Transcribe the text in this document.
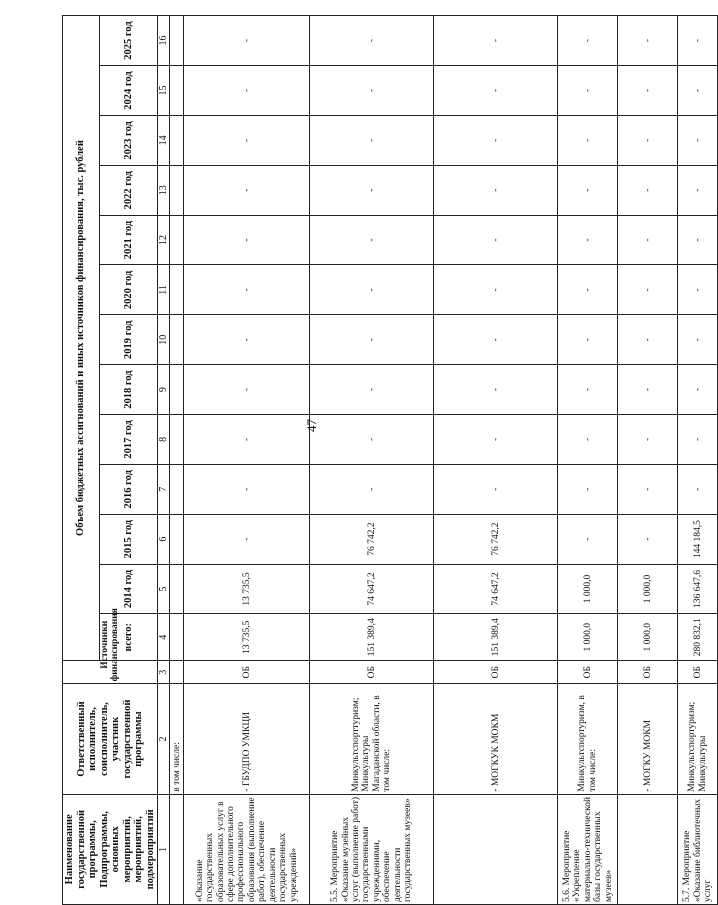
47
Наименование государственной программы, Подпрограммы, основных мероприятий, мероприятий, подмероприятий	Ответственный исполнитель, соисполнитель, участник государственной программы	Источники финансирования	Объем бюджетных ассигнований и иных источников финансирования, тыс. рублей												
			всего:	2014 год	2015 год	2016 год	2017 год	2018 год	2019 год	2020 год	2021 год	2022 год	2023 год	2024 год	2025 год
1	2	3	4	5	6	7	8	9	10	11	12	13	14	15	16
	в том числе:														
«Оказание государственных образовательных услуг в сфере дополнительного профессионального образования (выполнение работ), обеспечение деятельности государственных учреждений»	- ГБУДПО УМКЦИ	ОБ	13 735,5	13 735,5	-	-	-	-	-	-	-	-	-	-	-
5.5. Мероприятие «Оказание музейных услуг (выполнение работ) государственными учреждениями, обеспечение деятельности государственных музеев»	Минкультспорттуризм; Минкультуры Магаданской области, в том числе:	ОБ	151 389,4	74 647,2	76 742,2	-	-	-	-	-	-	-	-	-	-
	- МОГКУК МОКМ	ОБ	151 389,4	74 647,2	76 742,2	-	-	-	-	-	-	-	-	-	-
5.6. Мероприятие «Укрепление материально-технической базы государственных музеев»	Минкультспортуризм, в том числе:	ОБ	1 000,0	1 000,0	-	-	-	-	-	-	-	-	-	-	-
	- МОГКУ МОКМ	ОБ	1 000,0	1 000,0	-	-	-	-	-	-	-	-	-	-	-
5.7. Мероприятие «Оказание библиотечных услуг	Минкультспортуризм; Минкультуры	ОБ	280 832,1	136 647,6	144 184,5	-	-	-	-	-	-	-	-	-	-
